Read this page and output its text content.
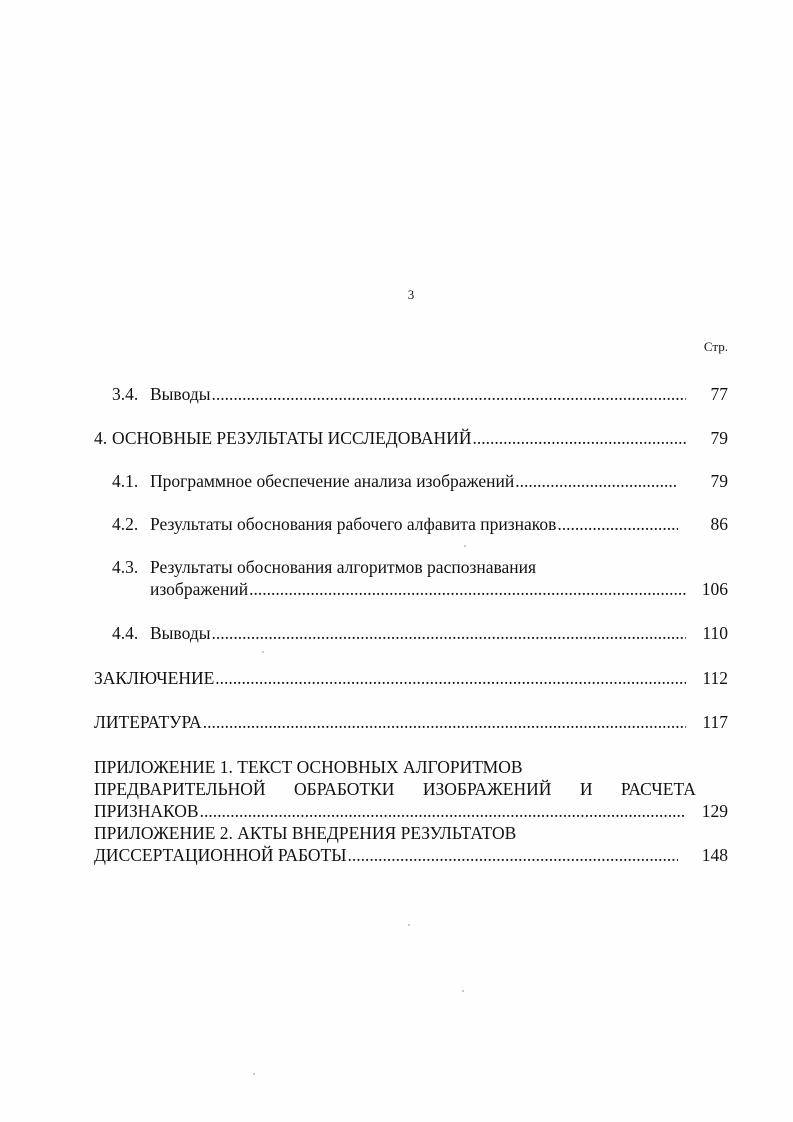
3
Стр.
3.4. Выводы .....	77
4. ОСНОВНЫЕ РЕЗУЛЬТАТЫ ИССЛЕДОВАНИЙ .....	79
4.1. Программное обеспечение анализа изображений .....	79
4.2. Результаты обоснования рабочего алфавита признаков .....	86
4.3. Результаты обоснования алгоритмов распознавания
изображений .....	106
4.4. Выводы .....	110
ЗАКЛЮЧЕНИЕ .....	112
ЛИТЕРАТУРА .....	117
ПРИЛОЖЕНИЕ 1. ТЕКСТ ОСНОВНЫХ АЛГОРИТМОВ
ПРЕДВАРИТЕЛЬНОЙ ОБРАБОТКИ ИЗОБРАЖЕНИЙ И РАСЧЕТА
ПРИЗНАКОВ .....	129
ПРИЛОЖЕНИЕ 2. АКТЫ ВНЕДРЕНИЯ РЕЗУЛЬТАТОВ
ДИССЕРТАЦИОННОЙ РАБОТЫ .....	148
